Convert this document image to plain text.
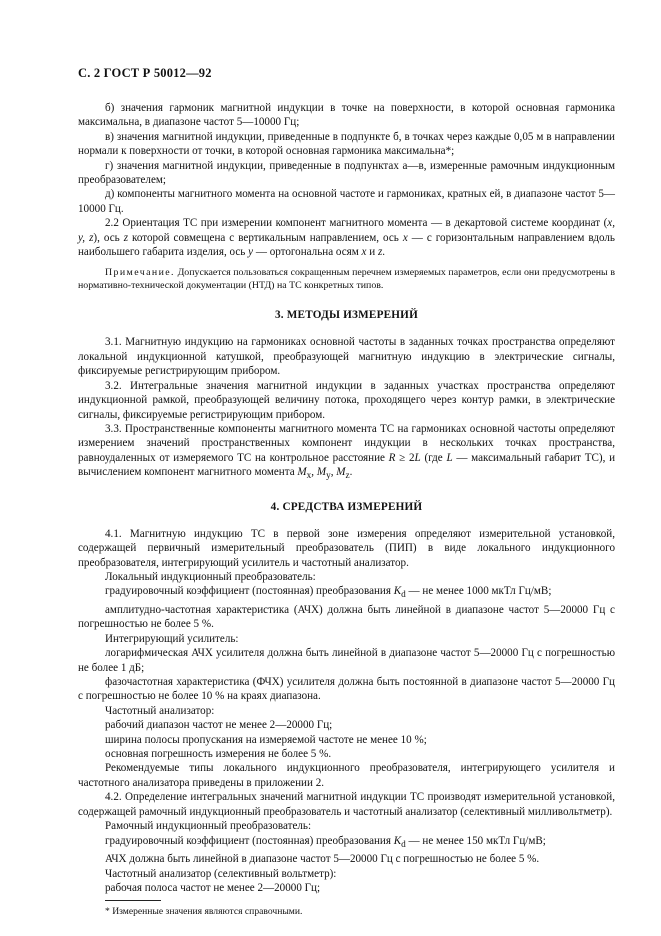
С. 2 ГОСТ Р 50012—92

б) значения гармоник магнитной индукции в точке на поверхности, в которой основная гармоника максимальна, в диапазоне частот 5—10000 Гц;

в) значения магнитной индукции, приведенные в подпункте б, в точках через каждые 0,05 м в направлении нормали к поверхности от точки, в которой основная гармоника максимальна*;

г) значения магнитной индукции, приведенные в подпунктах а—в, измеренные рамочным индукционным преобразователем;

д) компоненты магнитного момента на основной частоте и гармониках, кратных ей, в диапазоне частот 5—10000 Гц.

2.2 Ориентация ТС при измерении компонент магнитного момента — в декартовой системе координат (x, y, z), ось z которой совмещена с вертикальным направлением, ось x — с горизонтальным направлением вдоль наибольшего габарита изделия, ось y — ортогональна осям x и z.

Примечание. Допускается пользоваться сокращенным перечнем измеряемых параметров, если они предусмотрены в нормативно-технической документации (НТД) на ТС конкретных типов.

3. МЕТОДЫ ИЗМЕРЕНИЙ

3.1. Магнитную индукцию на гармониках основной частоты в заданных точках пространства определяют локальной индукционной катушкой, преобразующей магнитную индукцию в электрические сигналы, фиксируемые регистрирующим прибором.

3.2. Интегральные значения магнитной индукции в заданных участках пространства определяют индукционной рамкой, преобразующей величину потока, проходящего через контур рамки, в электрические сигналы, фиксируемые регистрирующим прибором.

3.3. Пространственные компоненты магнитного момента ТС на гармониках основной частоты определяют измерением значений пространственных компонент индукции в нескольких точках пространства, равноудаленных от измеряемого ТС на контрольное расстояние R ≥ 2L (где L — максимальный габарит ТС), и вычислением компонент магнитного момента $M_x$, $M_y$, $M_z$.

4. СРЕДСТВА ИЗМЕРЕНИЙ

4.1. Магнитную индукцию ТС в первой зоне измерения определяют измерительной установкой, содержащей первичный измерительный преобразователь (ПИП) в виде локального индукционного преобразователя, интегрирующий усилитель и частотный анализатор.

Локальный индукционный преобразователь:

градуировочный коэффициент (постоянная) преобразования $K_d$ — не менее 1000 мкТл Гц/мВ;

амплитудно-частотная характеристика (АЧХ) должна быть линейной в диапазоне частот 5—20000 Гц с погрешностью не более 5 %.

Интегрирующий усилитель:

логарифмическая АЧХ усилителя должна быть линейной в диапазоне частот 5—20000 Гц с погрешностью не более 1 дБ;

фазочастотная характеристика (ФЧХ) усилителя должна быть постоянной в диапазоне частот 5—20000 Гц с погрешностью не более 10 % на краях диапазона.

Частотный анализатор:

рабочий диапазон частот не менее 2—20000 Гц;

ширина полосы пропускания на измеряемой частоте не менее 10 %;

основная погрешность измерения не более 5 %.

Рекомендуемые типы локального индукционного преобразователя, интегрирующего усилителя и частотного анализатора приведены в приложении 2.

4.2. Определение интегральных значений магнитной индукции ТС производят измерительной установкой, содержащей рамочный индукционный преобразователь и частотный анализатор (селективный милливольтметр).

Рамочный индукционный преобразователь:

градуировочный коэффициент (постоянная) преобразования $K_d$ — не менее 150 мкТл Гц/мВ;

АЧХ должна быть линейной в диапазоне частот 5—20000 Гц с погрешностью не более 5 %.

Частотный анализатор (селективный вольтметр):

рабочая полоса частот не менее 2—20000 Гц;

* Измеренные значения являются справочными.
